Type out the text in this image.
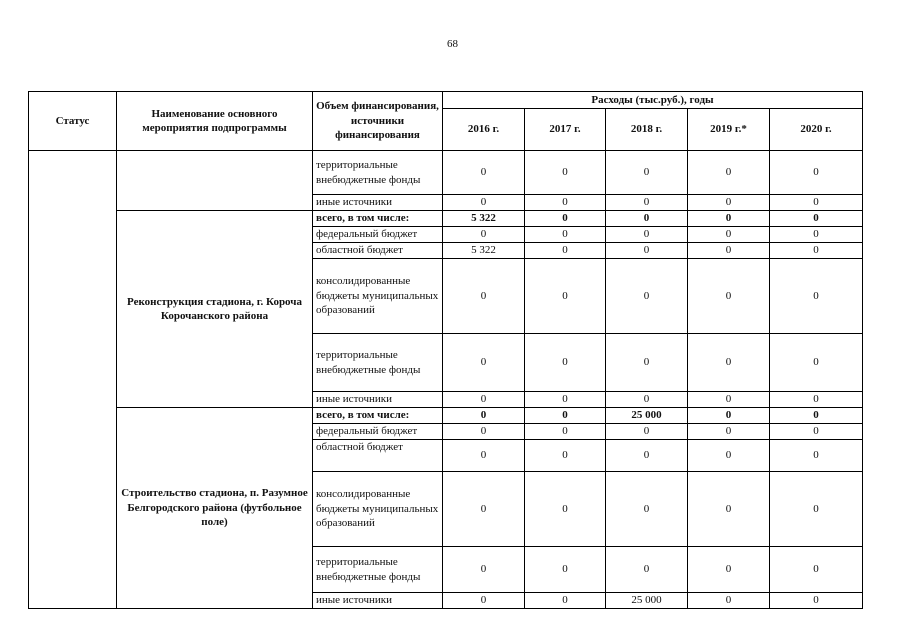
68
Статус	Наименование основного мероприятия подпрограммы	Объем финансирования, источники финансирования	Расходы (тыс.руб.), годы				
			2016 г.	2017 г.	2018 г.	2019 г.*	2020 г.
		территориальные внебюджетные фонды	0	0	0	0	0
		иные источники	0	0	0	0	0
	Реконструкция стадиона, г. Короча Корочанского района	всего, в том числе:	5 322	0	0	0	0
		федеральный бюджет	0	0	0	0	0
		областной бюджет	5 322	0	0	0	0
		консолидированные бюджеты муниципальных образований	0	0	0	0	0
		территориальные внебюджетные фонды	0	0	0	0	0
		иные источники	0	0	0	0	0
	Строительство стадиона, п. Разумное Белгородского района (футбольное поле)	всего, в том числе:	0	0	25 000	0	0
		федеральный бюджет	0	0	0	0	0
		областной бюджет	0	0	0	0	0
		консолидированные бюджеты муниципальных образований	0	0	0	0	0
		территориальные внебюджетные фонды	0	0	0	0	0
		иные источники	0	0	25 000	0	0
